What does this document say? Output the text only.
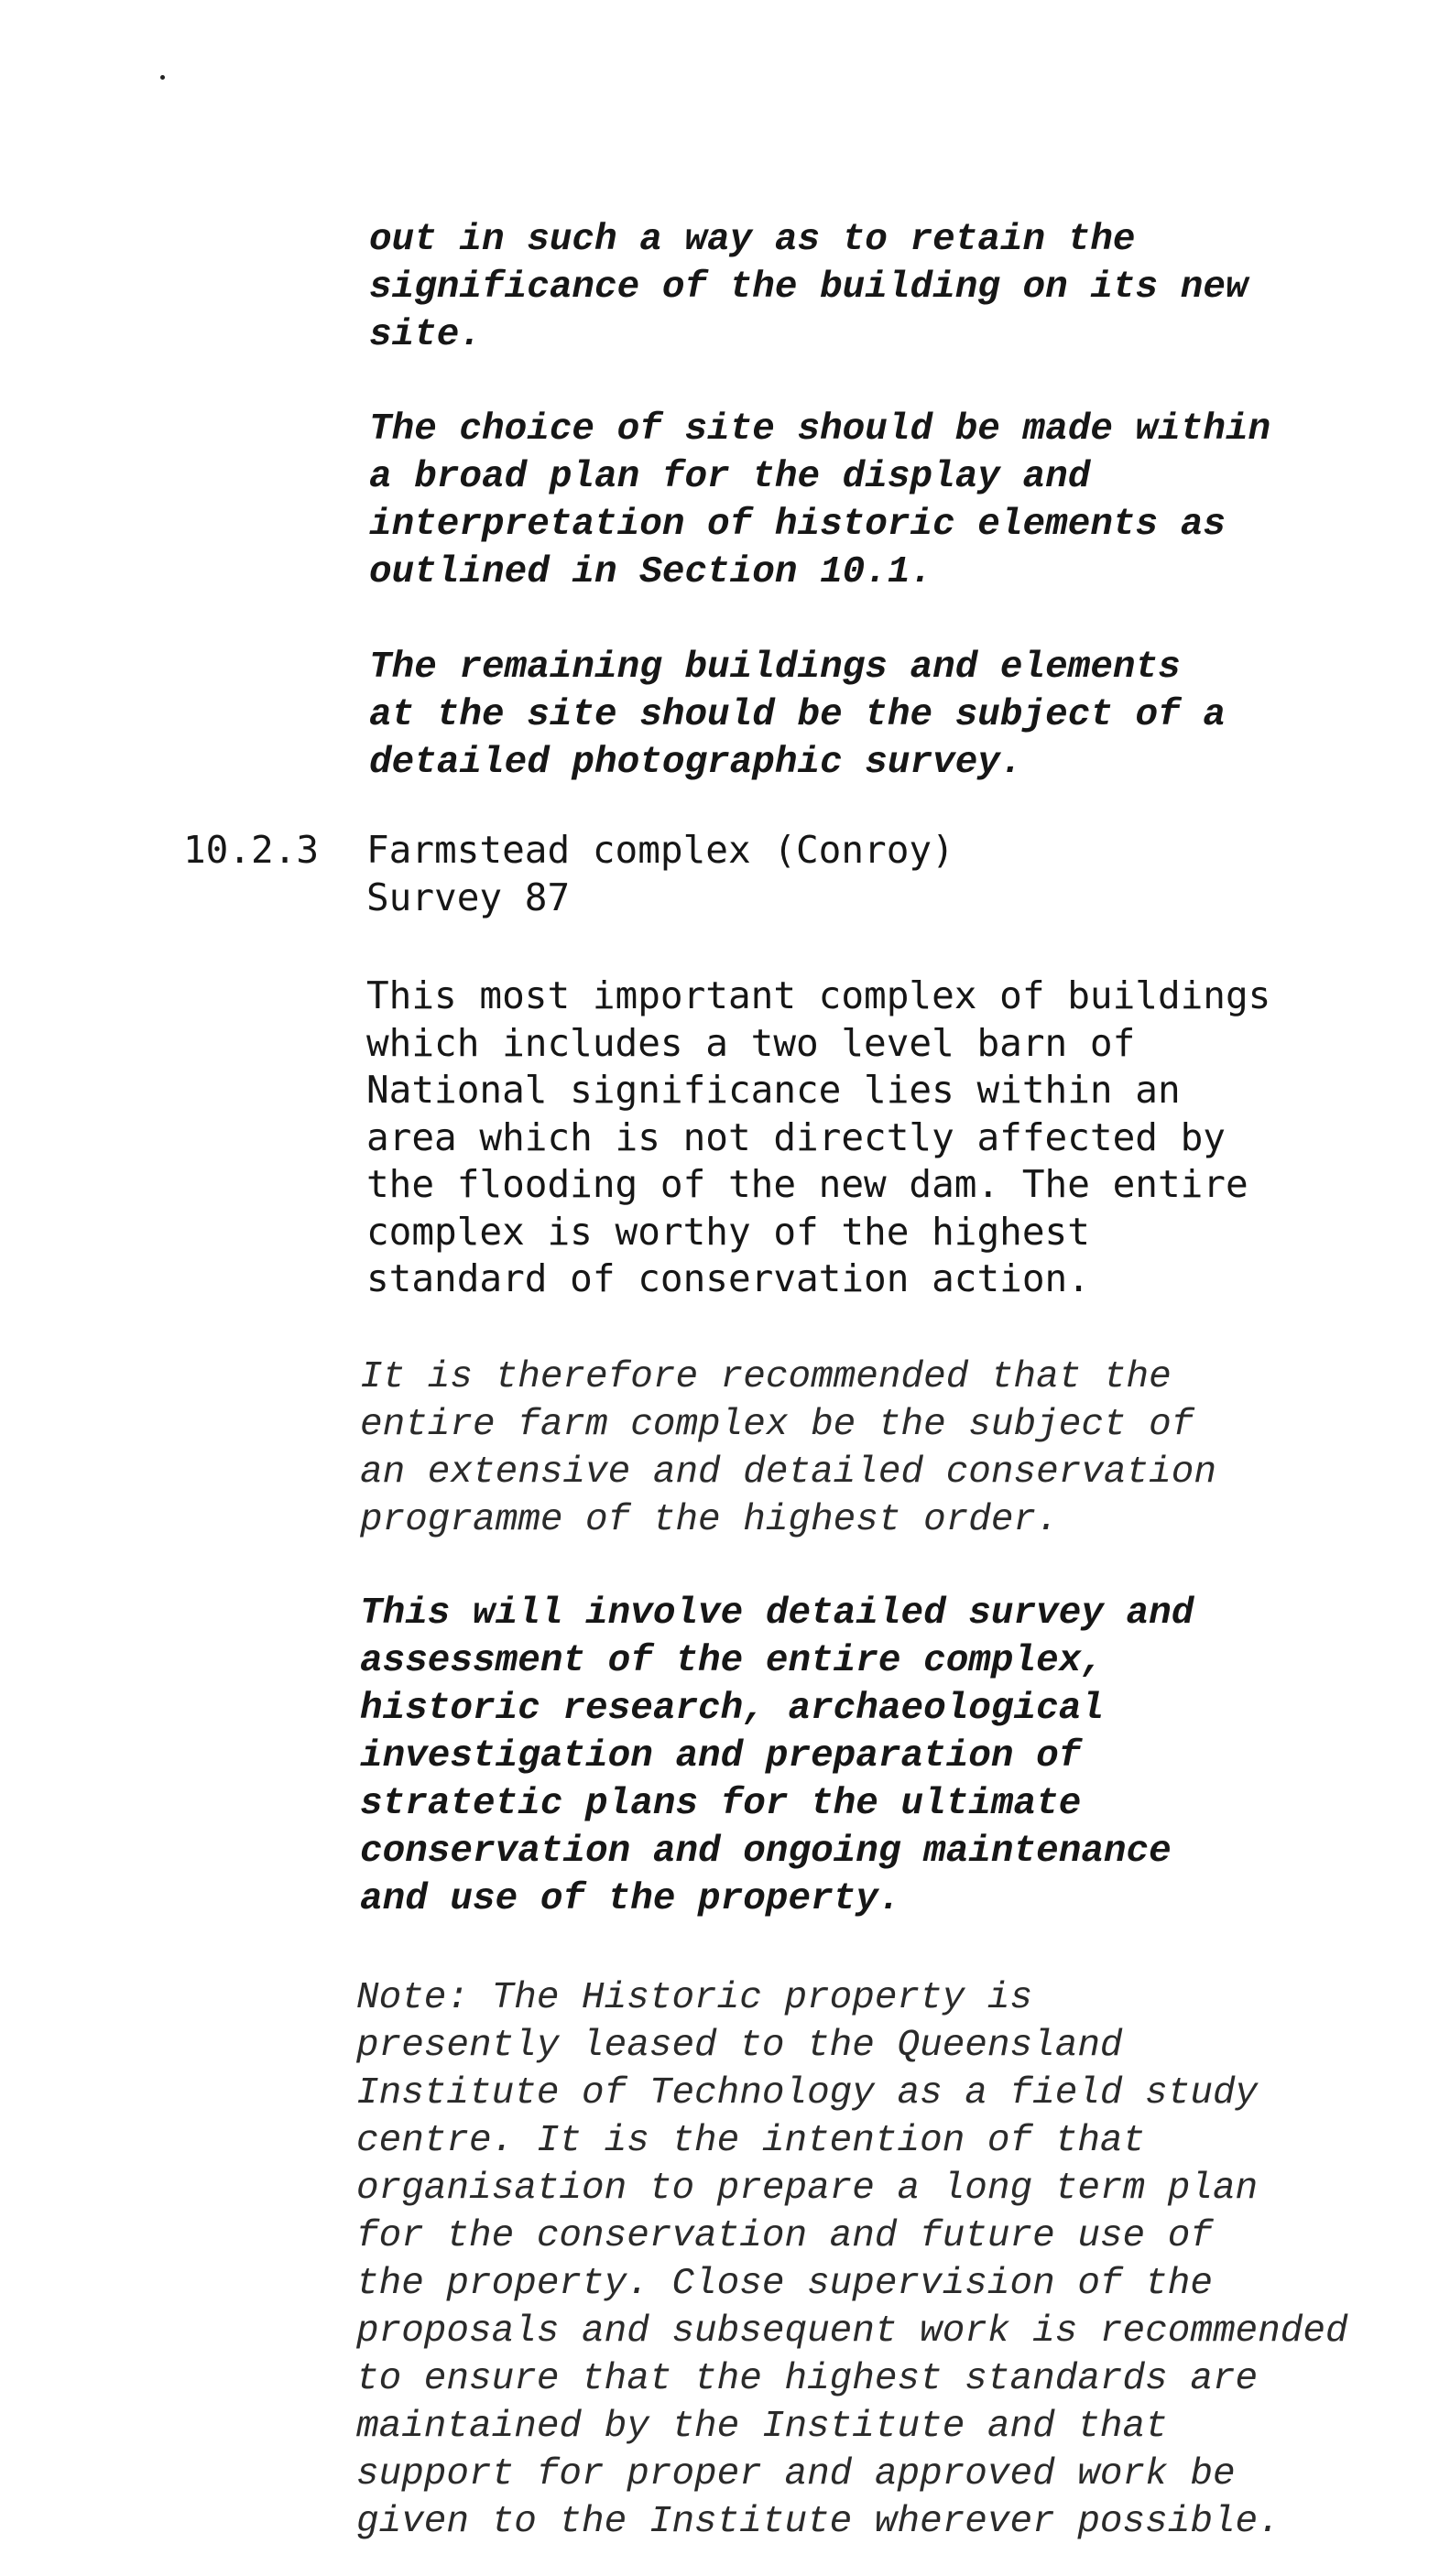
out in such a way as to retain the
significance of the building on its new
site.

The choice of site should be made within
a broad plan for the display and
interpretation of historic elements as
outlined in Section 10.1.

The remaining buildings and elements
at the site should be the subject of a
detailed photographic survey.

10.2.3 Farmstead complex (Conroy)
Survey 87

This most important complex of buildings
which includes a two level barn of
National significance lies within an
area which is not directly affected by
the flooding of the new dam. The entire
complex is worthy of the highest
standard of conservation action.

It is therefore recommended that the
entire farm complex be the subject of
an extensive and detailed conservation
programme of the highest order.

This will involve detailed survey and
assessment of the entire complex,
historic research, archaeological
investigation and preparation of
stratetic plans for the ultimate
conservation and ongoing maintenance
and use of the property.

Note: The Historic property is
presently leased to the Queensland
Institute of Technology as a field study
centre. It is the intention of that
organisation to prepare a long term plan
for the conservation and future use of
the property. Close supervision of the
proposals and subsequent work is recommended
to ensure that the highest standards are
maintained by the Institute and that
support for proper and approved work be
given to the Institute wherever possible.
